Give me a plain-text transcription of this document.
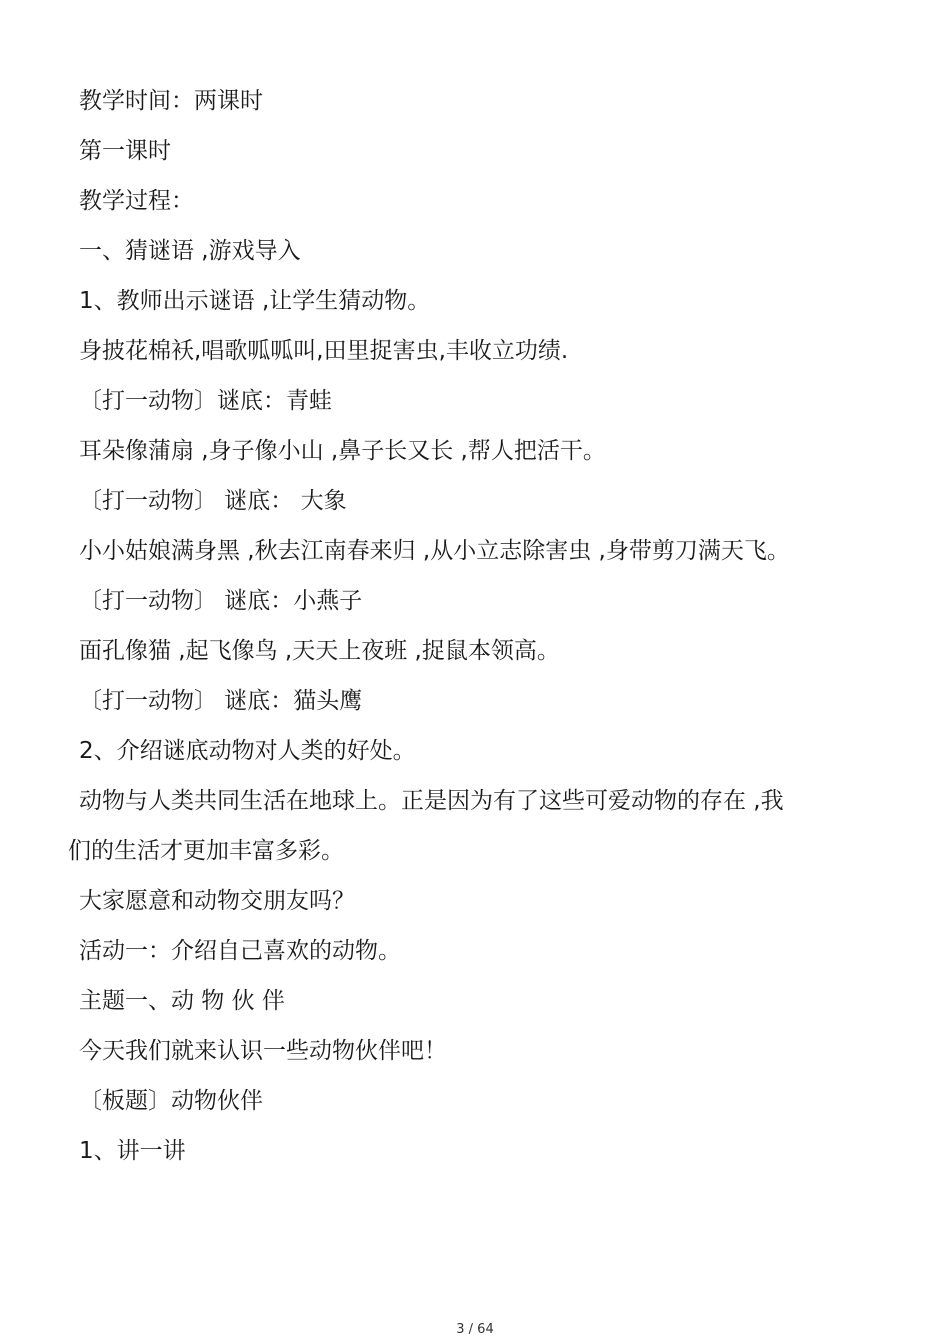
教学时间：两课时
第一课时
教学过程：
一、猜谜语 ,游戏导入
1、教师出示谜语 ,让学生猜动物。
身披花棉袄,唱歌呱呱叫,田里捉害虫,丰收立功绩.
〔打一动物〕谜底：青蛙
耳朵像蒲扇 ,身子像小山 ,鼻子长又长 ,帮人把活干。
〔打一动物〕 谜底： 大象
小小姑娘满身黑 ,秋去江南春来归 ,从小立志除害虫 ,身带剪刀满天飞。
〔打一动物〕 谜底：小燕子
面孔像猫 ,起飞像鸟 ,天天上夜班 ,捉鼠本领高。
〔打一动物〕 谜底：猫头鹰
2、介绍谜底动物对人类的好处。
动物与人类共同生活在地球上。正是因为有了这些可爱动物的存在 ,我
们的生活才更加丰富多彩。
大家愿意和动物交朋友吗？
活动一：介绍自己喜欢的动物。
主题一、动 物 伙 伴
今天我们就来认识一些动物伙伴吧！
〔板题〕动物伙伴
1、讲一讲
3 / 64
